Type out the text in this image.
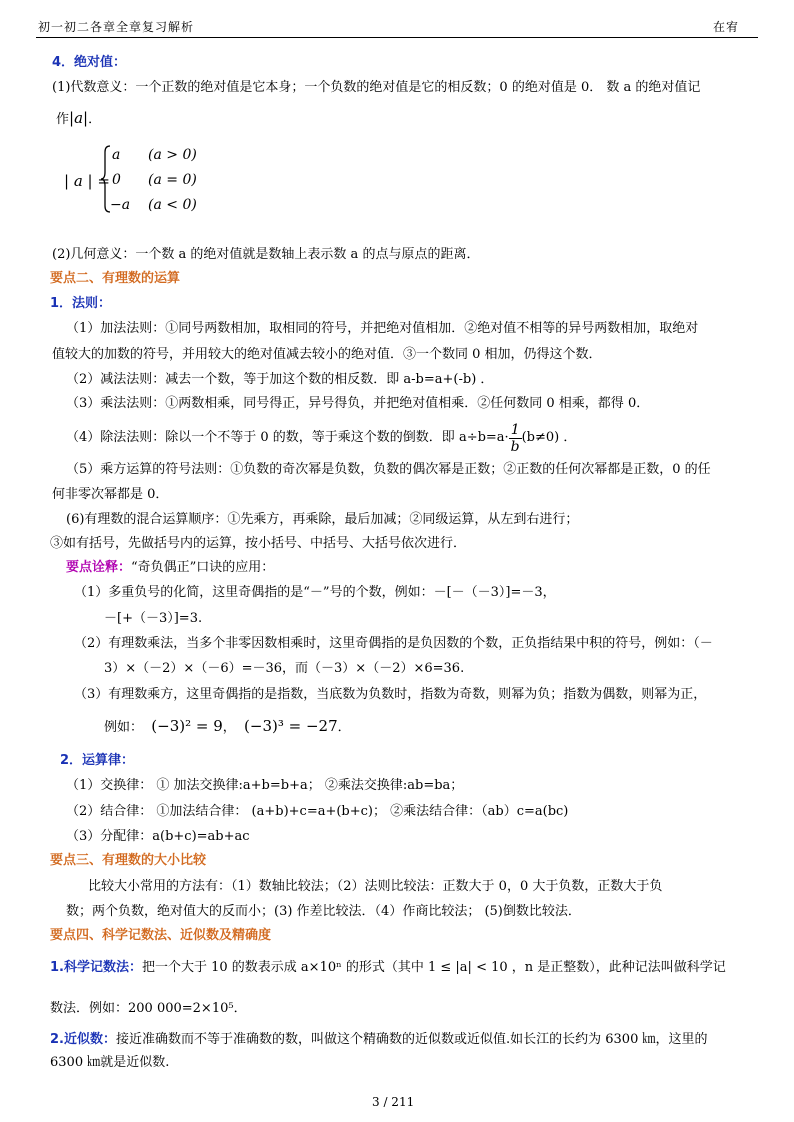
初一初二各章全章复习解析	在宥
4．绝对值：
(1)代数意义：一个正数的绝对值是它本身；一个负数的绝对值是它的相反数；0 的绝对值是 0． 数 a 的绝对值记
作|a|．
| a | =
a (a > 0)
0 (a = 0)
−a (a < 0)
(2)几何意义：一个数 a 的绝对值就是数轴上表示数 a 的点与原点的距离．
要点二、有理数的运算
1．法则：
（1）加法法则：①同号两数相加，取相同的符号，并把绝对值相加．②绝对值不相等的异号两数相加，取绝对
值较大的加数的符号，并用较大的绝对值减去较小的绝对值．③一个数同 0 相加，仍得这个数．
（2）减法法则：减去一个数，等于加这个数的相反数．即 a-b=a+(-b) ．
（3）乘法法则：①两数相乘，同号得正，异号得负，并把绝对值相乘．②任何数同 0 相乘，都得 0．
（4）除法法则：除以一个不等于 0 的数，等于乘这个数的倒数．即 $a\div b=a\cdot \frac{1}{b} (b\ne 0)$ ．
（5）乘方运算的符号法则：①负数的奇次幂是负数，负数的偶次幂是正数；②正数的任何次幂都是正数，0 的任
何非零次幂都是 0．
(6)有理数的混合运算顺序：①先乘方，再乘除，最后加减；②同级运算，从左到右进行；
③如有括号，先做括号内的运算，按小括号、中括号、大括号依次进行．
要点诠释：“奇负偶正”口诀的应用：
（1）多重负号的化简，这里奇偶指的是“－”号的个数，例如：－[－（－3）]=－3，
－[+（－3）]=3.
（2）有理数乘法，当多个非零因数相乘时，这里奇偶指的是负因数的个数，正负指结果中积的符号，例如：（－
3）×（－2）×（－6）=－36，而（－3）×（－2）×6=36.
（3）有理数乘方，这里奇偶指的是指数，当底数为负数时，指数为奇数，则幂为负；指数为偶数，则幂为正，
例如： (−3)² = 9， (−3)³ = −27．
2．运算律：
（1）交换律： ① 加法交换律:a+b=b+a； ②乘法交换律:ab=ba；
（2）结合律： ①加法结合律： (a+b)+c=a+(b+c)； ②乘法结合律：（ab）c=a(bc)
（3）分配律：a(b+c)=ab+ac
要点三、有理数的大小比较
比较大小常用的方法有：（1）数轴比较法；（2）法则比较法：正数大于 0，0 大于负数，正数大于负
数；两个负数，绝对值大的反而小；(3) 作差比较法．（4）作商比较法； (5)倒数比较法．
要点四、科学记数法、近似数及精确度
1.科学记数法：把一个大于 10 的数表示成 a×10ⁿ 的形式（其中 1 ≤ |a| < 10 ，n 是正整数），此种记法叫做科学记
数法．例如：200 000=2×10⁵．
2.近似数：接近准确数而不等于准确数的数，叫做这个精确数的近似数或近似值.如长江的长约为 6300 ㎞，这里的
6300 ㎞就是近似数.
3 / 211
